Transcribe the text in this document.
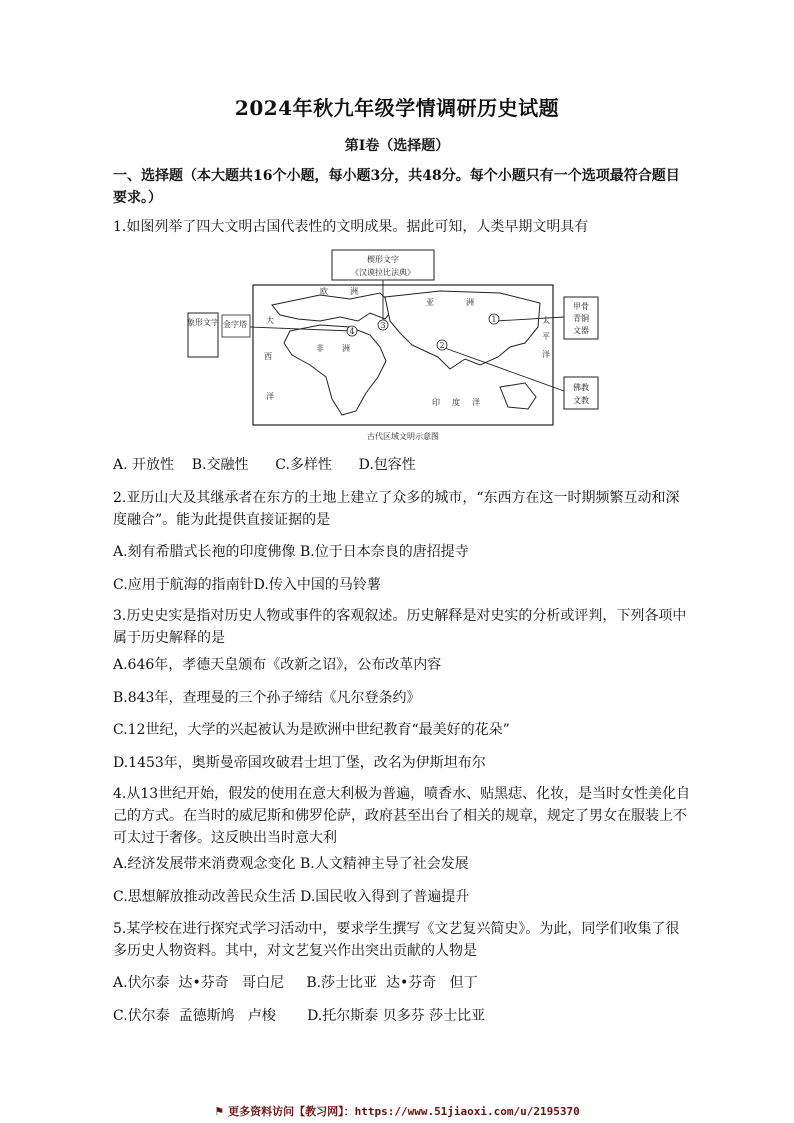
2024年秋九年级学情调研历史试题
第I卷（选择题）
一、选择题（本大题共16个小题，每小题3分，共48分。每个小题只有一个选项最符合题目要求。）
1.如图列举了四大文明古国代表性的文明成果。据此可知，人类早期文明具有
楔形文字
《汉谟拉比法典》
象形文字 金字塔
甲骨
青铜
文器
佛教
文教
欧	洲
亚	洲
大
西
洋
非 洲
印 度 洋
太
平
洋
1
2
3
4
古代区域文明示意图
A. 开放性    B.交融性      C.多样性      D.包容性
2.亚历山大及其继承者在东方的土地上建立了众多的城市，“东西方在这一时期频繁互动和深度融合”。能为此提供直接证据的是
A.刻有希腊式长袍的印度佛像 B.位于日本奈良的唐招提寺
C.应用于航海的指南针D.传入中国的马铃薯
3.历史史实是指对历史人物或事件的客观叙述。历史解释是对史实的分析或评判，下列各项中属于历史解释的是
A.646年，孝德天皇颁布《改新之诏》，公布改革内容
B.843年，查理曼的三个孙子缔结《凡尔登条约》
C.12世纪，大学的兴起被认为是欧洲中世纪教育“最美好的花朵”
D.1453年，奥斯曼帝国攻破君士坦丁堡，改名为伊斯坦布尔
4.从13世纪开始，假发的使用在意大利极为普遍，喷香水、贴黑痣、化妆，是当时女性美化自己的方式。在当时的威尼斯和佛罗伦萨，政府甚至出台了相关的规章，规定了男女在服装上不可太过于奢侈。这反映出当时意大利
A.经济发展带来消费观念变化 B.人文精神主导了社会发展
C.思想解放推动改善民众生活 D.国民收入得到了普遍提升
5.某学校在进行探究式学习活动中，要求学生撰写《文艺复兴简史》。为此，同学们收集了很多历史人物资料。其中，对文艺复兴作出突出贡献的人物是
A.伏尔泰  达•芬奇   哥白尼     B.莎士比亚  达•芬奇   但丁
C.伏尔泰  孟德斯鸠   卢梭       D.托尔斯泰 贝多芬 莎士比亚
⚑ 更多资料访问【教习网】：https://www.51jiaoxi.com/u/2195370
